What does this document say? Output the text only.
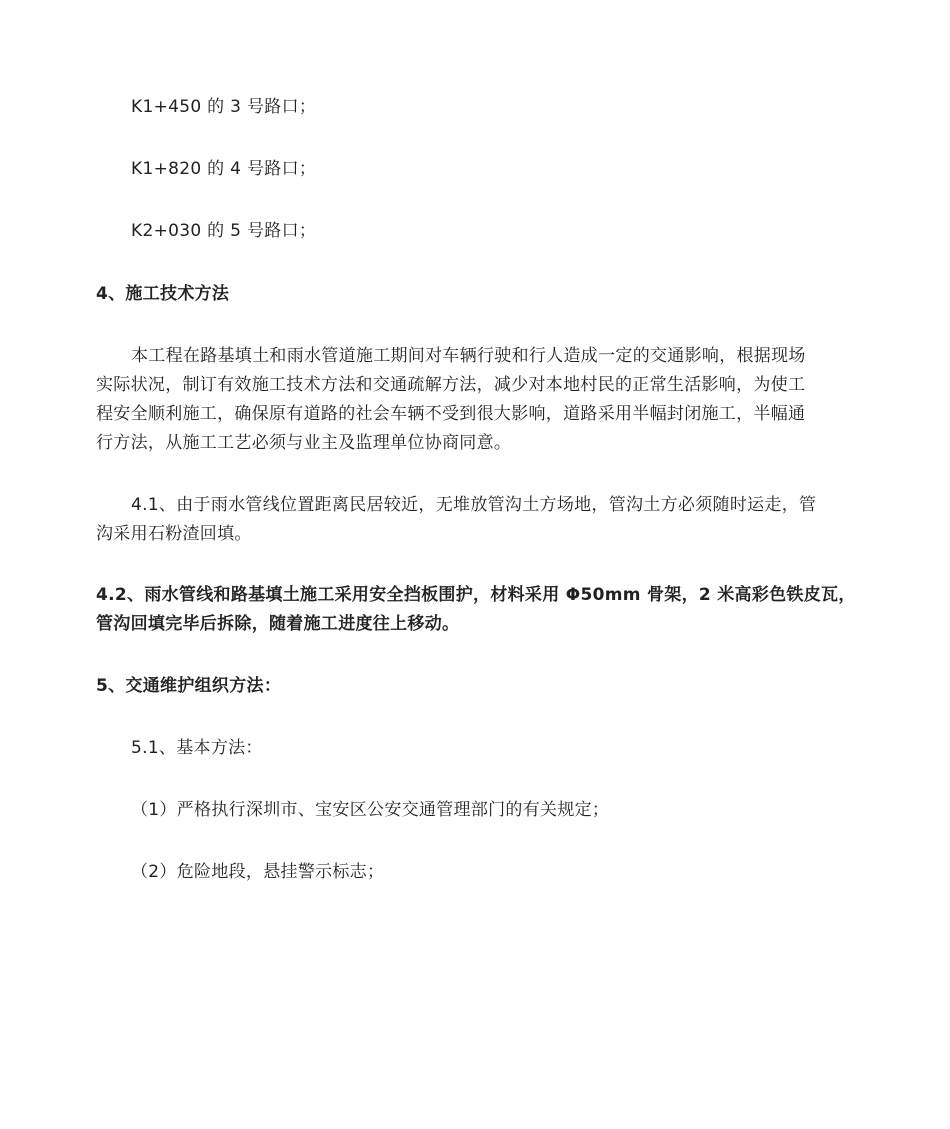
K1+450 的 3 号路口；
K1+820 的 4 号路口；
K2+030 的 5 号路口；
4、施工技术方法
本工程在路基填土和雨水管道施工期间对车辆行驶和行人造成一定的交通影响，根据现场
实际状况，制订有效施工技术方法和交通疏解方法，减少对本地村民的正常生活影响，为使工
程安全顺利施工，确保原有道路的社会车辆不受到很大影响，道路采用半幅封闭施工，半幅通
行方法，从施工工艺必须与业主及监理单位协商同意。
4.1、由于雨水管线位置距离民居较近，无堆放管沟土方场地，管沟土方必须随时运走，管
沟采用石粉渣回填。
4.2、雨水管线和路基填土施工采用安全挡板围护，材料采用 Φ50mm 骨架，2 米高彩色铁皮瓦，
管沟回填完毕后拆除，随着施工进度往上移动。
5、交通维护组织方法：
5.1、基本方法：
（1）严格执行深圳市、宝安区公安交通管理部门的有关规定；
（2）危险地段，悬挂警示标志；
